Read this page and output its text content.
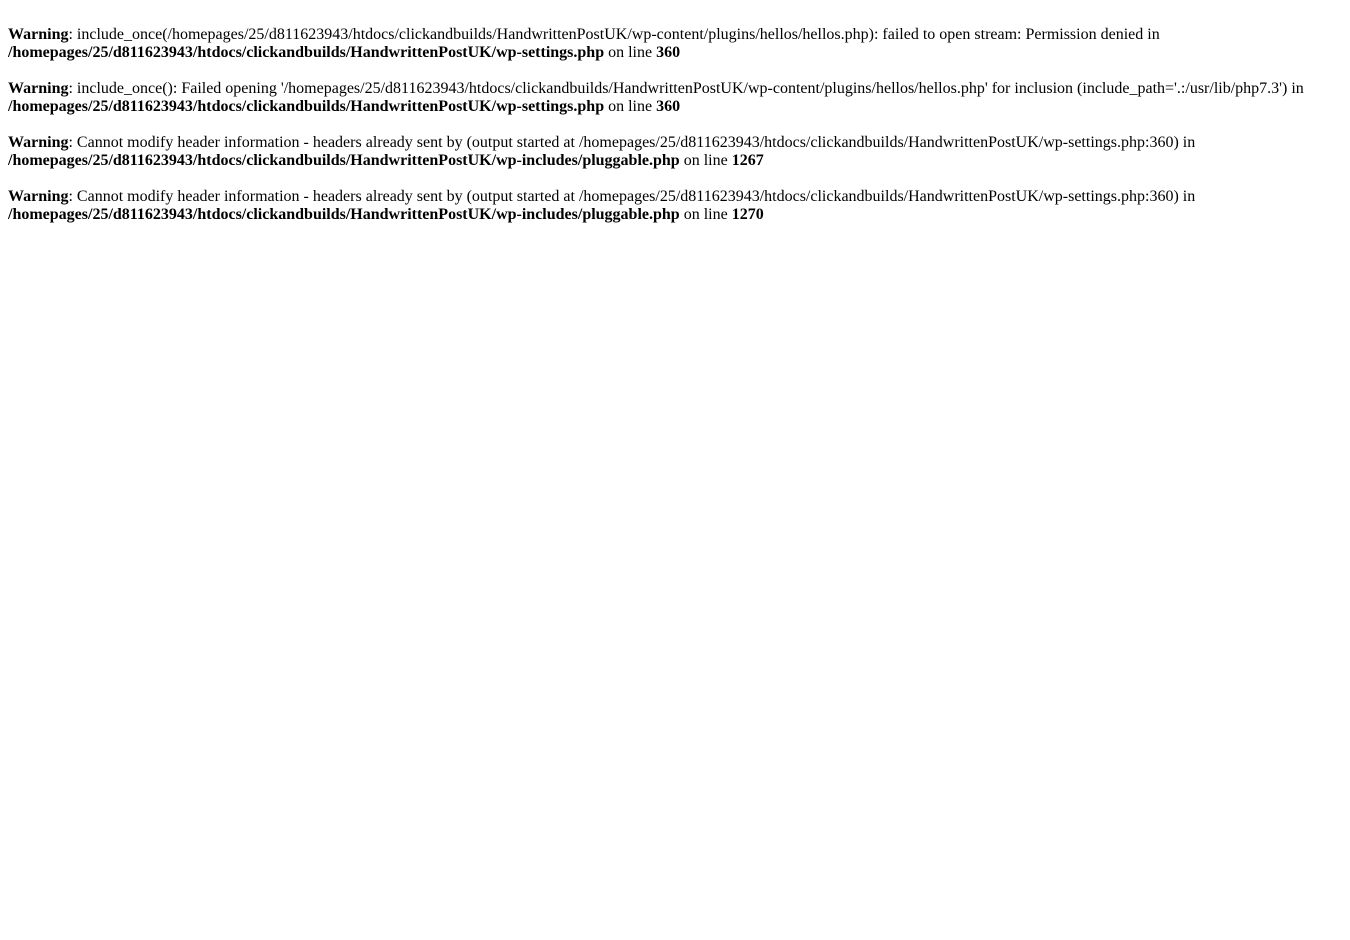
Warning: include_once(/homepages/25/d811623943/htdocs/clickandbuilds/HandwrittenPostUK/wp-content/plugins/hellos/hellos.php): failed to open stream: Permission denied in
/homepages/25/d811623943/htdocs/clickandbuilds/HandwrittenPostUK/wp-settings.php on line 360
Warning: include_once(): Failed opening '/homepages/25/d811623943/htdocs/clickandbuilds/HandwrittenPostUK/wp-content/plugins/hellos/hellos.php' for inclusion (include_path='.:/usr/lib/php7.3') in
/homepages/25/d811623943/htdocs/clickandbuilds/HandwrittenPostUK/wp-settings.php on line 360
Warning: Cannot modify header information - headers already sent by (output started at /homepages/25/d811623943/htdocs/clickandbuilds/HandwrittenPostUK/wp-settings.php:360) in
/homepages/25/d811623943/htdocs/clickandbuilds/HandwrittenPostUK/wp-includes/pluggable.php on line 1267
Warning: Cannot modify header information - headers already sent by (output started at /homepages/25/d811623943/htdocs/clickandbuilds/HandwrittenPostUK/wp-settings.php:360) in
/homepages/25/d811623943/htdocs/clickandbuilds/HandwrittenPostUK/wp-includes/pluggable.php on line 1270
